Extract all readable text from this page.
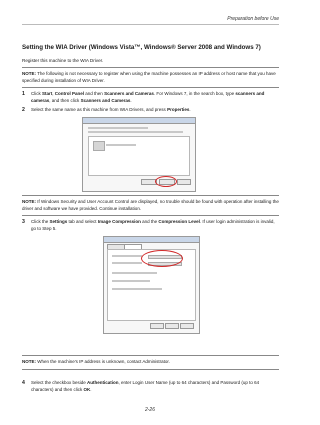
Preparation before Use
Setting the WIA Driver (Windows Vista™, Windows® Server 2008 and Windows 7)
Register this machine to the WIA Driver.
NOTE: The following is not necessary to register when using the machine possesses an IP address or host name that you have specified during installation of WIA Driver.
1 Click Start, Control Panel and then Scanners and Cameras. For Windows 7, in the search box, type scanners and cameras, and then click Scanners and Cameras.
2 Select the same name as this machine from WIA Drivers, and press Properties.
NOTE: If Windows Security and User Account Control are displayed, no trouble should be found with operation after installing the driver and software we have provided. Continue installation.
3 Click the Settings tab and select Image Compression and the Compression Level. If user login administration is invalid, go to Step 5.
NOTE: When the machine's IP address is unknown, contact Administrator.
4 Select the checkbox beside Authentication, enter Login User Name (up to 64 characters) and Password (up to 64 characters) and then click OK.
2-26
